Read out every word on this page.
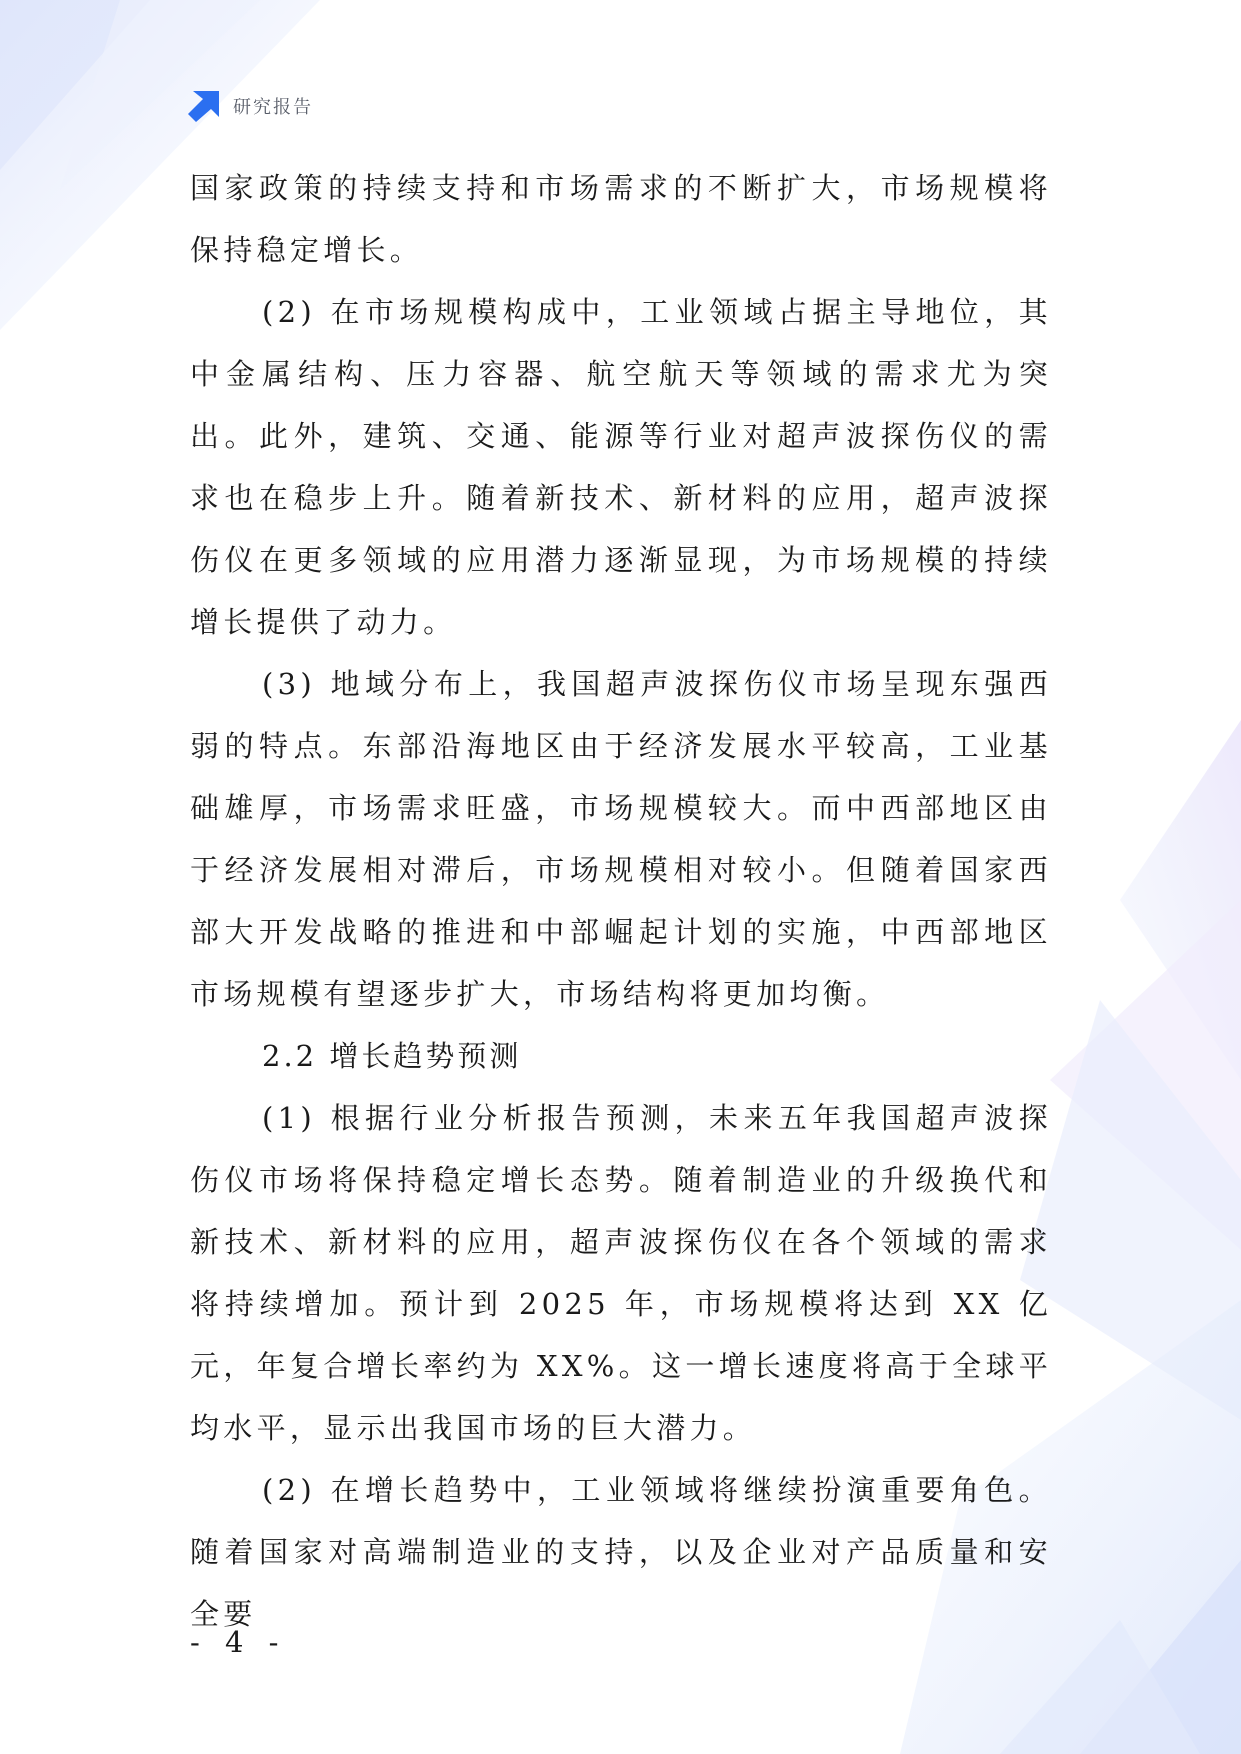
研究报告

国家政策的持续支持和市场需求的不断扩大，市场规模将保持稳定增长。

(2) 在市场规模构成中，工业领域占据主导地位，其中金属结构、压力容器、航空航天等领域的需求尤为突出。此外，建筑、交通、能源等行业对超声波探伤仪的需求也在稳步上升。随着新技术、新材料的应用，超声波探伤仪在更多领域的应用潜力逐渐显现，为市场规模的持续增长提供了动力。

(3) 地域分布上，我国超声波探伤仪市场呈现东强西弱的特点。东部沿海地区由于经济发展水平较高，工业基础雄厚，市场需求旺盛，市场规模较大。而中西部地区由于经济发展相对滞后，市场规模相对较小。但随着国家西部大开发战略的推进和中部崛起计划的实施，中西部地区市场规模有望逐步扩大，市场结构将更加均衡。

2.2 增长趋势预测

(1) 根据行业分析报告预测，未来五年我国超声波探伤仪市场将保持稳定增长态势。随着制造业的升级换代和新技术、新材料的应用，超声波探伤仪在各个领域的需求将持续增加。预计到 2025 年，市场规模将达到 XX 亿元，年复合增长率约为 XX%。这一增长速度将高于全球平均水平，显示出我国市场的巨大潜力。

(2) 在增长趋势中，工业领域将继续扮演重要角色。随着国家对高端制造业的支持，以及企业对产品质量和安全要

- 4 -
